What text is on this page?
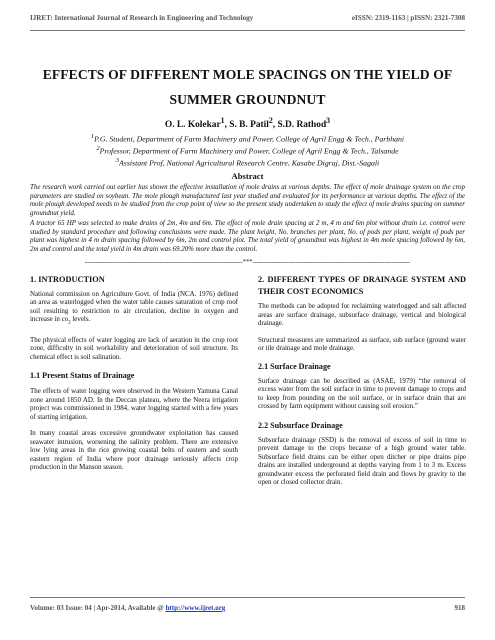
IJRET: International Journal of Research in Engineering and Technology	eISSN: 2319-1163 | pISSN: 2321-7308
EFFECTS OF DIFFERENT MOLE SPACINGS ON THE YIELD OF
SUMMER GROUNDNUT
O. L. Kolekar$^1$, S. B. Patil$^2$, S.D. Rathod$^3$
$^1$P.G. Student, Department of Farm Machinery and Power, College of Agril Engg & Tech., Parbhani
$^2$Professor, Department of Farm Machinery and Power, College of Agril Engg & Tech., Talsande
$^3$Assistant Prof, National Agricultural Research Centre, Kasabe Digraj, Dist.-Sagali
Abstract
The research work carried out earlier has shown the effective installation of mole drains at various depths. The effect of mole drainage system on the crop parameters are studied on soybean. The mole plough manufactured last year studied and evaluated for its performance at various depths. The effect of the mole plough developed needs to be studied from the crop point of view so the present study undertaken to study the effect of mole drains spacing on summer groundnut yield.
A tractor 65 HP was selected to make drains of 2m, 4m and 6m. The effect of mole drain spacing at 2 m, 4 m and 6m plot without drain i.e. control were studied by standard procedure and following conclusions were made. The plant height, No. branches per plant, No. of pods per plant, weight of pods per plant was highest in 4 m drain spacing followed by 6m, 2m and control plot. The total yield of groundnut was highest in 4m mole spacing followed by 6m, 2m and control and the total yield in 4m drain was 69.20% more than the control.
--------------------------------------------------------------------------***--------------------------------------------------------------------------
1. INTRODUCTION

National commission on Agriculture Govt. of India (NCA. 1976) defined an area as waterlogged when the water table causes saturation of crop roof soil resulting to restriction to air circulation, decline in oxygen and increase in $co_2$ levels.

The physical effects of water logging are lack of aeration in the crop root zone, difficulty in soil workability and deterioration of soil structure. Its chemical effect is soil salination.

1.1 Present Status of Drainage

The effects of water logging were observed in the Western Yamuna Canal zone around 1850 AD. In the Deccan plateau, where the Neera irrigation project was commissioned in 1984, water logging started with a few years of starting irrigation.

In many coastal areas excessive groundwater exploitation has caused seawater intrusion, worsening the salinity problem. There are extensive low lying areas in the rice growing coastal belts of eastern and south eastern region of India where poor drainage seriously affects crop production in the Manson season.

2. DIFFERENT TYPES OF DRAINAGE SYSTEM AND THEIR COST ECONOMICS

The methods can be adopted for reclaiming waterlogged and salt affected areas are surface drainage, subsurface drainage, vertical and biological drainage.

Structural measures are summarized as surface, sub surface (ground water or tile drainage and mole drainage.

2.1 Surface Drainage

Surface drainage can be described as (ASAE, 1979) “the removal of excess water from the soil surface in time to prevent damage to crops and to keep from pounding on the soil surface, or in surface drain that are crossed by farm equipment without causing soil erosion.”

2.2 Subsurface Drainage

Subsurface drainage (SSD) is the removal of excess of soil in time to prevent damage to the crops because of a high ground water table. Subsurface field drains can be either open ditcher or pipe drains pipe drains are installed underground at depths varying from 1 to 3 m. Excess groundwater excess the perforated field drain and flows by gravity to the open or closed collector drain.

Volume: 03 Issue: 04 | Apr-2014, Available @ http://www.ijret.org	918
